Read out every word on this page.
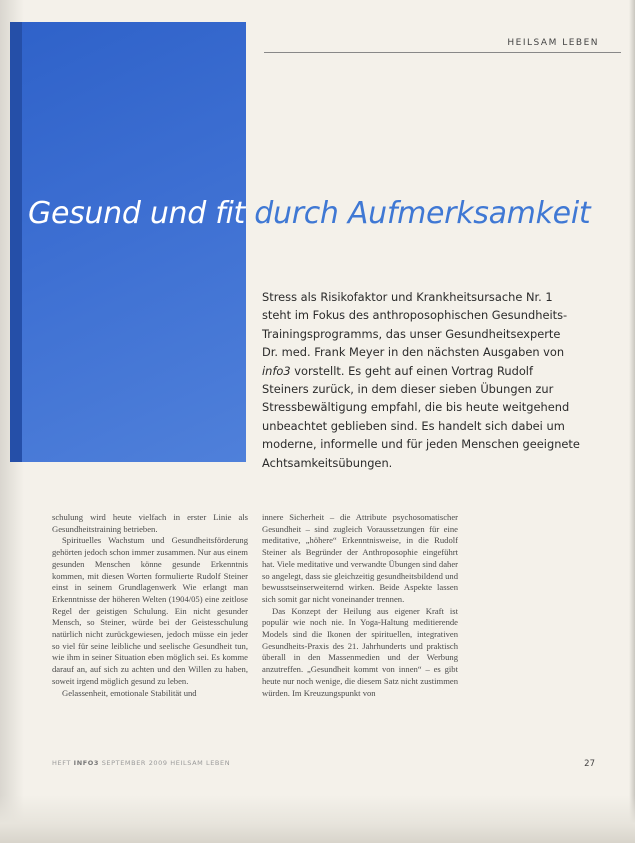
HEILSAM LEBEN
Gesund und fit durch Aufmerksamkeit

Stress als Risikofaktor und Krankheitsursache Nr. 1 steht im Fokus des anthroposophischen Gesundheits-Trainingsprogramms, das unser Gesundheitsexperte Dr. med. Frank Meyer in den nächsten Ausgaben von info3 vorstellt. Es geht auf einen Vortrag Rudolf Steiners zurück, in dem dieser sieben Übungen zur Stressbewältigung empfahl, die bis heute weitgehend unbeachtet geblieben sind. Es handelt sich dabei um moderne, informelle und für jeden Menschen geeignete Achtsamkeitsübungen.

schulung wird heute vielfach in erster Linie als Gesundheitstraining betrieben.

Spirituelles Wachstum und Gesundheitsförderung gehörten jedoch schon immer zusammen. Nur aus einem gesunden Menschen könne gesunde Erkenntnis kommen, mit diesen Worten formulierte Rudolf Steiner einst in seinem Grundlagenwerk Wie erlangt man Erkenntnisse der höheren Welten (1904/05) eine zeitlose Regel der geistigen Schulung. Ein nicht gesunder Mensch, so Steiner, würde bei der Geistesschulung natürlich nicht zurückgewiesen, jedoch müsse ein jeder so viel für seine leibliche und seelische Gesundheit tun, wie ihm in seiner Situation eben möglich sei. Es komme darauf an, auf sich zu achten und den Willen zu haben, soweit irgend möglich gesund zu leben.

Gelassenheit, emotionale Stabilität und

innere Sicherheit – die Attribute psychosomatischer Gesundheit – sind zugleich Voraussetzungen für eine meditative, „höhere“ Erkenntnisweise, in die Rudolf Steiner als Begründer der Anthroposophie eingeführt hat. Viele meditative und verwandte Übungen sind daher so angelegt, dass sie gleichzeitig gesundheitsbildend und bewusstseinserweiternd wirken. Beide Aspekte lassen sich somit gar nicht voneinander trennen.

Das Konzept der Heilung aus eigener Kraft ist populär wie noch nie. In Yoga-Haltung meditierende Models sind die Ikonen der spirituellen, integrativen Gesundheits-Praxis des 21. Jahrhunderts und praktisch überall in den Massenmedien und der Werbung anzutreffen. „Gesundheit kommt von innen“ – es gibt heute nur noch wenige, die diesem Satz nicht zustimmen würden. Im Kreuzungspunkt von

HEFT INFO3 SEPTEMBER 2009 HEILSAM LEBEN	27
